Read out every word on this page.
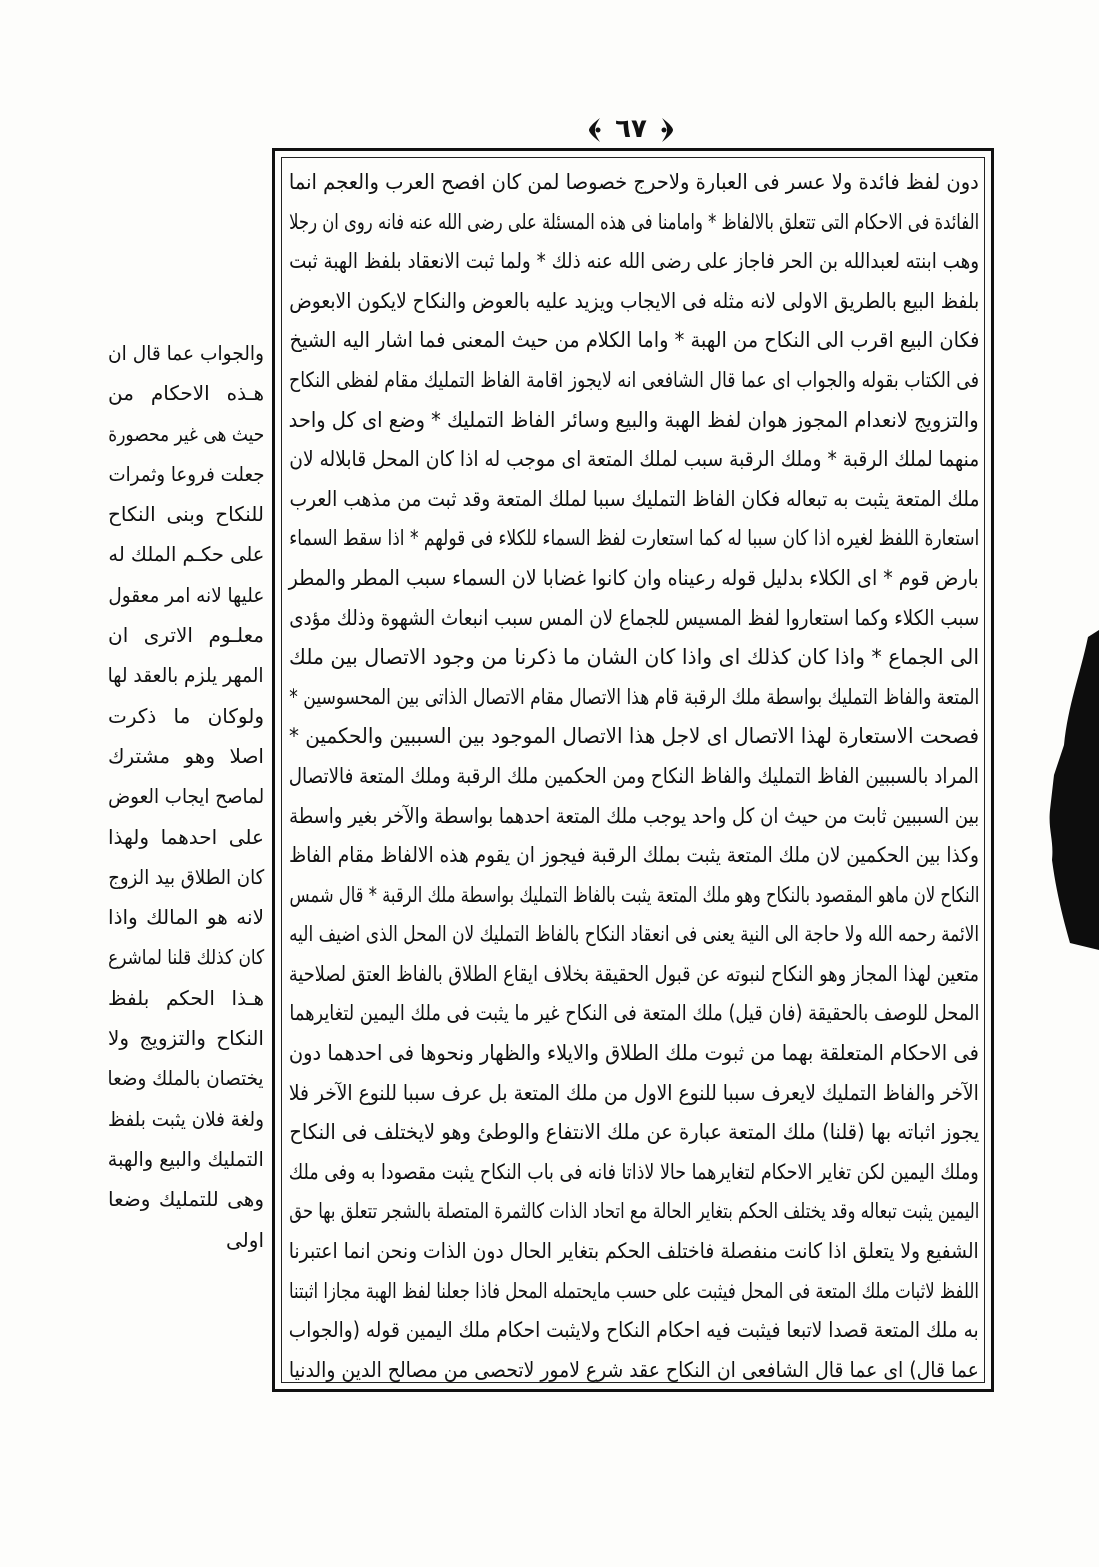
٦٧
دون لفظ فائدة ولا عسر فى العبارة ولاحرج خصوصا لمن كان افصح العرب والعجم انما
الفائدة فى الاحكام التى تتعلق بالالفاظ * وامامنا فى هذه المسئلة على رضى الله عنه فانه روى ان رجلا
وهب ابنته لعبدالله بن الحر فاجاز على رضى الله عنه ذلك * ولما ثبت الانعقاد بلفظ الهبة ثبت
بلفظ البيع بالطريق الاولى لانه مثله فى الايجاب ويزيد عليه بالعوض والنكاح لايكون الابعوض
فكان البيع اقرب الى النكاح من الهبة * واما الكلام من حيث المعنى فما اشار اليه الشيخ
فى الكتاب بقوله والجواب اى عما قال الشافعى انه لايجوز اقامة الفاظ التمليك مقام لفظى النكاح
والتزويج لانعدام المجوز هوان لفظ الهبة والبيع وسائر الفاظ التمليك * وضع اى كل واحد
منهما لملك الرقبة * وملك الرقبة سبب لملك المتعة اى موجب له اذا كان المحل قابلاله لان
ملك المتعة يثبت به تبعاله فكان الفاظ التمليك سببا لملك المتعة وقد ثبت من مذهب العرب
استعارة اللفظ لغيره اذا كان سببا له كما استعارت لفظ السماء للكلاء فى قولهم * اذا سقط السماء
بارض قوم * اى الكلاء بدليل قوله رعيناه وان كانوا غضابا لان السماء سبب المطر والمطر
سبب الكلاء وكما استعاروا لفظ المسيس للجماع لان المس سبب انبعاث الشهوة وذلك مؤدى
الى الجماع * واذا كان كذلك اى واذا كان الشان ما ذكرنا من وجود الاتصال بين ملك
المتعة والفاظ التمليك بواسطة ملك الرقبة قام هذا الاتصال مقام الاتصال الذاتى بين المحسوسين *
فصحت الاستعارة لهذا الاتصال اى لاجل هذا الاتصال الموجود بين السببين والحكمين *
المراد بالسببين الفاظ التمليك والفاظ النكاح ومن الحكمين ملك الرقبة وملك المتعة فالاتصال
بين السببين ثابت من حيث ان كل واحد يوجب ملك المتعة احدهما بواسطة والآخر بغير واسطة
وكذا بين الحكمين لان ملك المتعة يثبت بملك الرقبة فيجوز ان يقوم هذه الالفاظ مقام الفاظ
النكاح لان ماهو المقصود بالنكاح وهو ملك المتعة يثبت بالفاظ التمليك بواسطة ملك الرقبة * قال شمس
الائمة رحمه الله ولا حاجة الى النية يعنى فى انعقاد النكاح بالفاظ التمليك لان المحل الذى اضيف اليه
متعين لهذا المجاز وهو النكاح لنبوته عن قبول الحقيقة بخلاف ايقاع الطلاق بالفاظ العتق لصلاحية
المحل للوصف بالحقيقة (فان قيل) ملك المتعة فى النكاح غير ما يثبت فى ملك اليمين لتغايرهما
فى الاحكام المتعلقة بهما من ثبوت ملك الطلاق والايلاء والظهار ونحوها فى احدهما دون
الآخر والفاظ التمليك لايعرف سببا للنوع الاول من ملك المتعة بل عرف سببا للنوع الآخر فلا
يجوز اثباته بها (قلنا) ملك المتعة عبارة عن ملك الانتفاع والوطئ وهو لايختلف فى النكاح
وملك اليمين لكن تغاير الاحكام لتغايرهما حالا لاذاتا فانه فى باب النكاح يثبت مقصودا به وفى ملك
اليمين يثبت تبعاله وقد يختلف الحكم بتغاير الحالة مع اتحاد الذات كالثمرة المتصلة بالشجر تتعلق بها حق
الشفيع ولا يتعلق اذا كانت منفصلة فاختلف الحكم بتغاير الحال دون الذات ونحن انما اعتبرنا
اللفظ لاثبات ملك المتعة فى المحل فيثبت على حسب مايحتمله المحل فاذا جعلنا لفظ الهبة مجازا اثبتنا
به ملك المتعة قصدا لاتبعا فيثبت فيه احكام النكاح ولايثبت احكام ملك اليمين قوله (والجواب
عما قال) اى عما قال الشافعى ان النكاح عقد شرع لامور لاتحصى من مصالح الدين والدنيا
والجواب عما قال ان
هـذه الاحكام من
حيث هى غير محصورة
جعلت فروعا وثمرات
للنكاح وبنى النكاح
على حكـم الملك له
عليها لانه امر معقول
معلـوم الاترى ان
المهر يلزم بالعقد لها
ولوكان ما ذكرت
اصلا وهو مشترك
لماصح ايجاب العوض
على احدهما ولهذا
كان الطلاق بيد الزوج
لانه هو المالك واذا
كان كذلك قلنا لماشرع
هـذا الحكم بلفظ
النكاح والتزويج ولا
يختصان بالملك وضعا
ولغة فلان يثبت بلفظ
التمليك والبيع والهبة
وهى للتمليك وضعا
اولى
